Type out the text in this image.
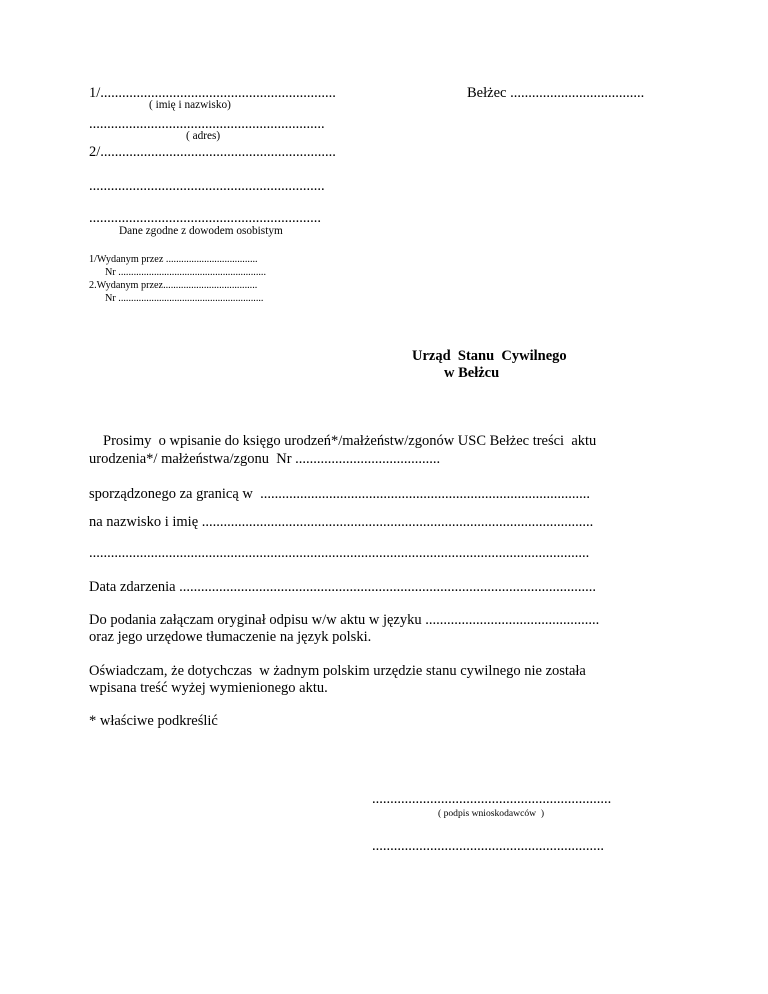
1/.................................................................
( imię i nazwisko)
.................................................................
( adres)
2/.................................................................
.................................................................
................................................................
Bełżec .....................................
Dane zgodne z dowodem osobistym
1/Wydanym przez ....................................
Nr ..........................................................
2.Wydanym przez.....................................
Nr .........................................................
Urząd  Stanu  Cywilnego
w Bełżcu
Prosimy  o wpisanie do księgo urodzeń*/małżeństw/zgonów USC Bełżec treści  aktu
urodzenia*/ małżeństwa/zgonu  Nr ........................................
sporządzonego za granicą w  ...........................................................................................
na nazwisko i imię ............................................................................................................
..........................................................................................................................................
Data zdarzenia ...................................................................................................................
Do podania załączam oryginał odpisu w/w aktu w języku ................................................
oraz jego urzędowe tłumaczenie na język polski.
Oświadczam, że dotychczas  w żadnym polskim urzędzie stanu cywilnego nie została
wpisana treść wyżej wymienionego aktu.
* właściwe podkreślić
..................................................................
( podpis wnioskodawców  )
................................................................
